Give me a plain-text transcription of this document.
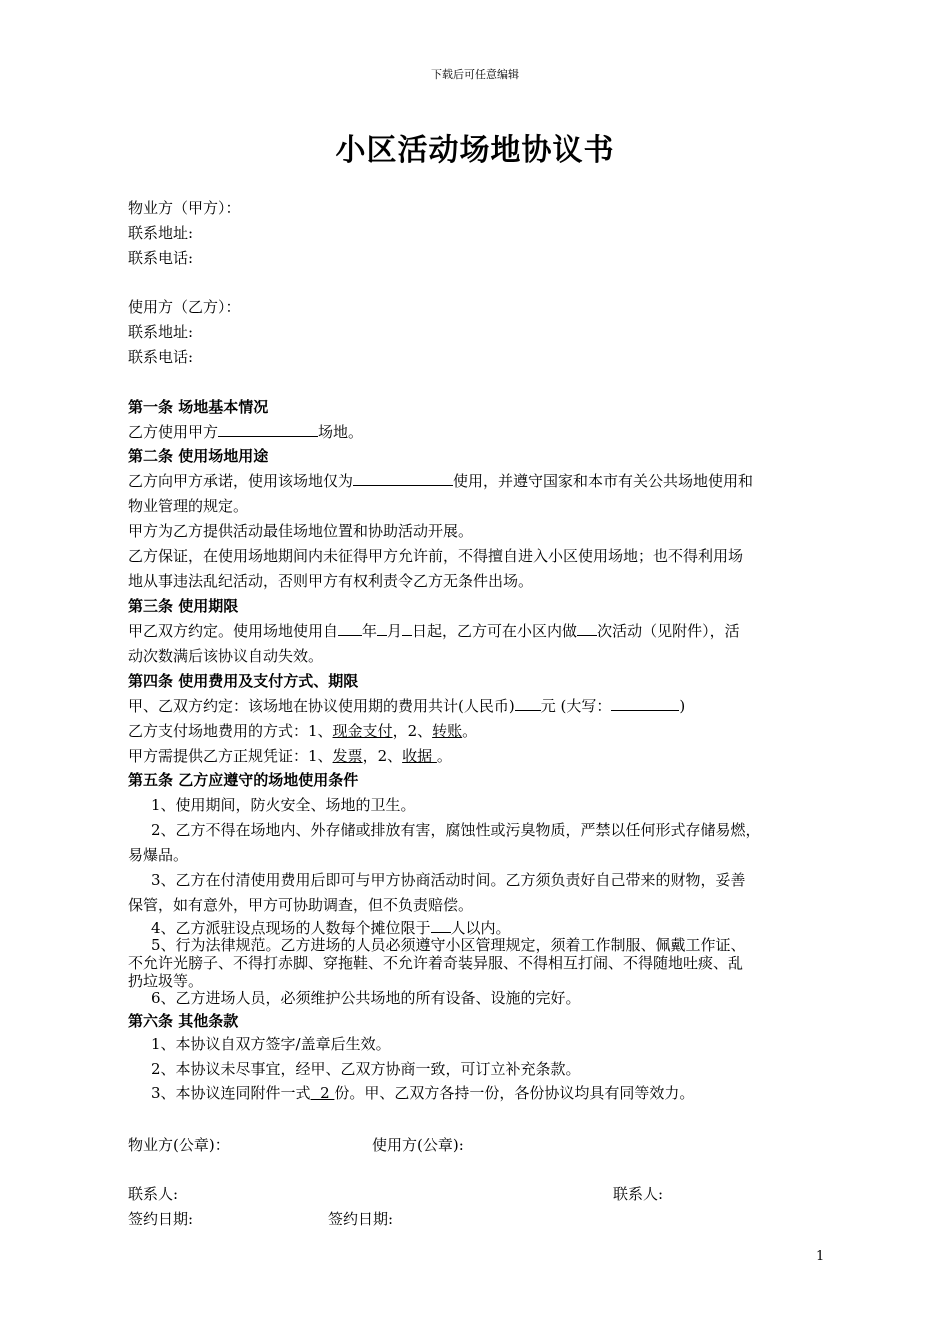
下载后可任意编辑
小区活动场地协议书
物业方（甲方）：
联系地址:
联系电话:
使用方（乙方）：
联系地址:
联系电话:
第一条 场地基本情况
乙方使用甲方	场地。
第二条 使用场地用途
乙方向甲方承诺，使用该场地仅为	使用，并遵守国家和本市有关公共场地使用和
物业管理的规定。
甲方为乙方提供活动最佳场地位置和协助活动开展。
乙方保证，在使用场地期间内未征得甲方允许前，不得擅自进入小区使用场地；也不得利用场
地从事违法乱纪活动，否则甲方有权利责令乙方无条件出场。
第三条 使用期限
甲乙双方约定。使用场地使用自 年 月 日起，乙方可在小区内做 次活动（见附件），活
动次数满后该协议自动失效。
第四条 使用费用及支付方式、期限
甲、乙双方约定：该场地在协议使用期的费用共计(人民币) 元 (大写：	)
乙方支付场地费用的方式：1、现金支付，2、转账。
甲方需提供乙方正规凭证：1、发票，2、收据 。
第五条 乙方应遵守的场地使用条件
1、使用期间，防火安全、场地的卫生。
2、乙方不得在场地内、外存储或排放有害，腐蚀性或污臭物质，严禁以任何形式存储易燃，
易爆品。
3、乙方在付清使用费用后即可与甲方协商活动时间。乙方须负责好自己带来的财物，妥善
保管，如有意外，甲方可协助调查，但不负责赔偿。
4、乙方派驻设点现场的人数每个摊位限于 人以内。
5、行为法律规范。乙方进场的人员必须遵守小区管理规定，须着工作制服、佩戴工作证、
不允许光膀子、不得打赤脚、穿拖鞋、不允许着奇装异服、不得相互打闹、不得随地吐痰、乱
扔垃圾等。
6、乙方进场人员，必须维护公共场地的所有设备、设施的完好。
第六条 其他条款
1、本协议自双方签字/盖章后生效。
2、本协议未尽事宜，经甲、乙双方协商一致，可订立补充条款。
3、本协议连同附件一式  2 份。甲、乙双方各持一份，各份协议均具有同等效力。
物业方(公章)：	使用方(公章):
联系人:	联系人:
签约日期:	签约日期:
1
